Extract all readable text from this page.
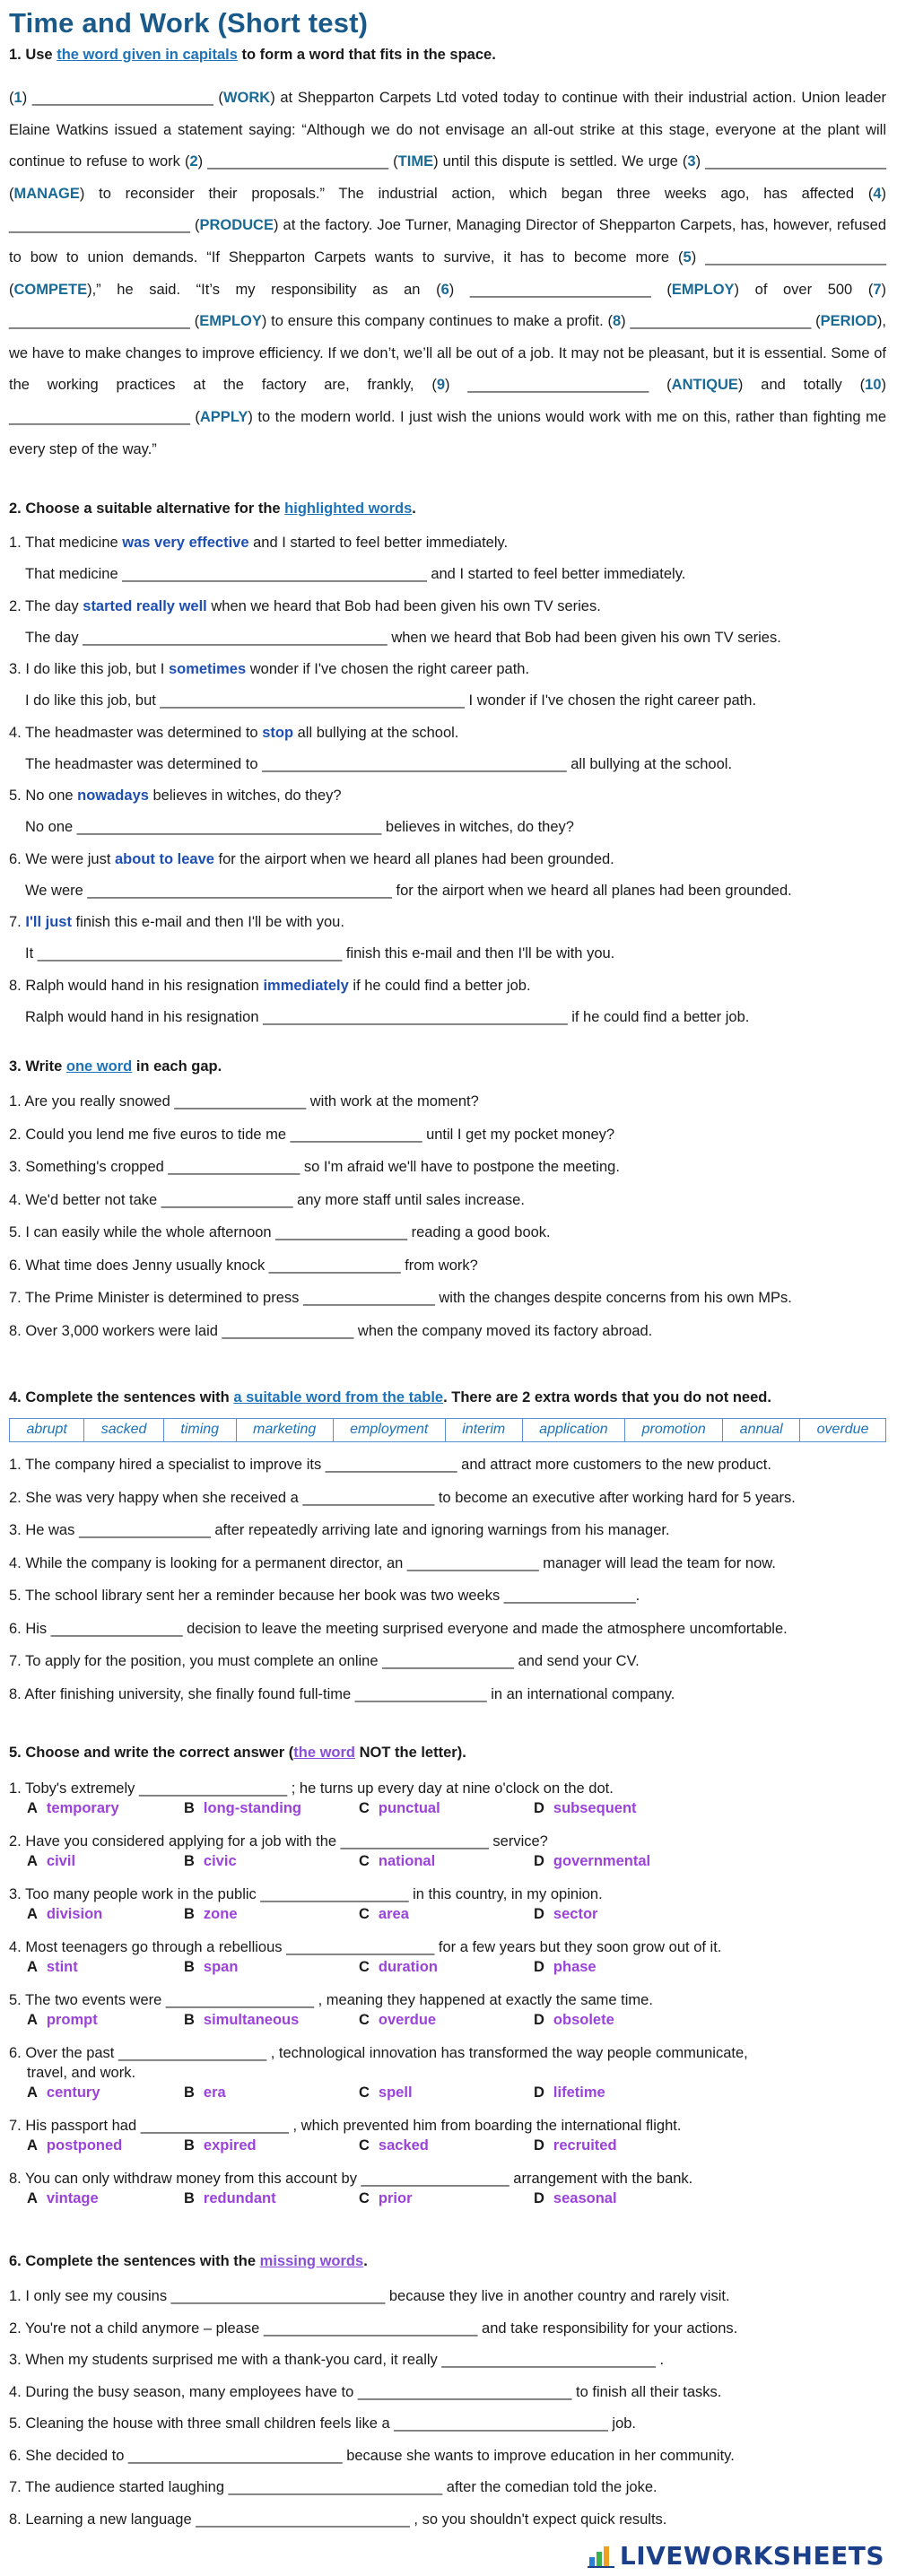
Time and Work (Short test)
1. Use the word given in capitals to form a word that fits in the space.
(1) ______________________ (WORK) at Shepparton Carpets Ltd voted today to continue with their industrial action. Union leader Elaine Watkins issued a statement saying: “Although we do not envisage an all-out strike at this stage, everyone at the plant will continue to refuse to work (2) ______________________ (TIME) until this dispute is settled. We urge (3) ______________________ (MANAGE) to reconsider their proposals.” The industrial action, which began three weeks ago, has affected (4) ______________________ (PRODUCE) at the factory. Joe Turner, Managing Director of Shepparton Carpets, has, however, refused to bow to union demands. “If Shepparton Carpets wants to survive, it has to become more (5) ______________________ (COMPETE),” he said. “It’s my responsibility as an (6) ______________________ (EMPLOY) of over 500 (7) ______________________ (EMPLOY) to ensure this company continues to make a profit. (8) ______________________ (PERIOD), we have to make changes to improve efficiency. If we don’t, we’ll all be out of a job. It may not be pleasant, but it is essential. Some of the working practices at the factory are, frankly, (9) ______________________ (ANTIQUE) and totally (10) ______________________ (APPLY) to the modern world. I just wish the unions would work with me on this, rather than fighting me every step of the way.”
2. Choose a suitable alternative for the highlighted words.
1. That medicine was very effective and I started to feel better immediately.
That medicine _____________________________________ and I started to feel better immediately.
2. The day started really well when we heard that Bob had been given his own TV series.
The day _____________________________________ when we heard that Bob had been given his own TV series.
3. I do like this job, but I sometimes wonder if I've chosen the right career path.
I do like this job, but _____________________________________ I wonder if I've chosen the right career path.
4. The headmaster was determined to stop all bullying at the school.
The headmaster was determined to _____________________________________ all bullying at the school.
5. No one nowadays believes in witches, do they?
No one _____________________________________ believes in witches, do they?
6. We were just about to leave for the airport when we heard all planes had been grounded.
We were _____________________________________ for the airport when we heard all planes had been grounded.
7. I'll just finish this e-mail and then I'll be with you.
It _____________________________________ finish this e-mail and then I'll be with you.
8. Ralph would hand in his resignation immediately if he could find a better job.
Ralph would hand in his resignation _____________________________________ if he could find a better job.
3. Write one word in each gap.
1. Are you really snowed ________________ with work at the moment?
2. Could you lend me five euros to tide me ________________ until I get my pocket money?
3. Something's cropped ________________ so I'm afraid we'll have to postpone the meeting.
4. We'd better not take ________________ any more staff until sales increase.
5. I can easily while the whole afternoon ________________ reading a good book.
6. What time does Jenny usually knock ________________ from work?
7. The Prime Minister is determined to press ________________ with the changes despite concerns from his own MPs.
8. Over 3,000 workers were laid ________________ when the company moved its factory abroad.
4. Complete the sentences with a suitable word from the table. There are 2 extra words that you do not need.
abrupt	sacked	timing	marketing	employment	interim	application	promotion	annual	overdue
1. The company hired a specialist to improve its ________________ and attract more customers to the new product.
2. She was very happy when she received a ________________ to become an executive after working hard for 5 years.
3. He was ________________ after repeatedly arriving late and ignoring warnings from his manager.
4. While the company is looking for a permanent director, an ________________ manager will lead the team for now.
5. The school library sent her a reminder because her book was two weeks ________________.
6. His ________________ decision to leave the meeting surprised everyone and made the atmosphere uncomfortable.
7. To apply for the position, you must complete an online ________________ and send your CV.
8. After finishing university, she finally found full-time ________________ in an international company.
5. Choose and write the correct answer (the word NOT the letter).
1. Toby's extremely __________________ ; he turns up every day at nine o'clock on the dot.
A temporary	B long-standing	C punctual	D subsequent
2. Have you considered applying for a job with the __________________ service?
A civil	B civic	C national	D governmental
3. Too many people work in the public __________________ in this country, in my opinion.
A division	B zone	C area	D sector
4. Most teenagers go through a rebellious __________________ for a few years but they soon grow out of it.
A stint	B span	C duration	D phase
5. The two events were __________________ , meaning they happened at exactly the same time.
A prompt	B simultaneous	C overdue	D obsolete
6. Over the past __________________ , technological innovation has transformed the way people communicate,
travel, and work.
A century	B era	C spell	D lifetime
7. His passport had __________________ , which prevented him from boarding the international flight.
A postponed	B expired	C sacked	D recruited
8. You can only withdraw money from this account by __________________ arrangement with the bank.
A vintage	B redundant	C prior	D seasonal
6. Complete the sentences with the missing words.
1. I only see my cousins __________________________ because they live in another country and rarely visit.
2. You're not a child anymore – please __________________________ and take responsibility for your actions.
3. When my students surprised me with a thank-you card, it really __________________________ .
4. During the busy season, many employees have to __________________________ to finish all their tasks.
5. Cleaning the house with three small children feels like a __________________________ job.
6. She decided to __________________________ because she wants to improve education in her community.
7. The audience started laughing __________________________ after the comedian told the joke.
8. Learning a new language __________________________ , so you shouldn't expect quick results.
LIVEWORKSHEETS
